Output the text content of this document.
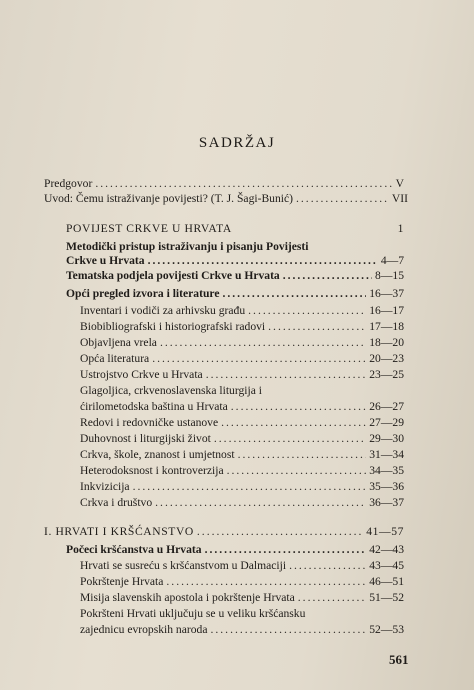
SADRŽAJ
Predgovor .....	V
Uvod: Čemu istraživanje povijesti? (T. J. Šagi-Bunić) .....	VII
POVIJEST CRKVE U HRVATA	1
Metodički pristup istraživanju i pisanju Povijesti
Crkve u Hrvata .....	4—7
Tematska podjela povijesti Crkve u Hrvata .....	8—15
Opći pregled izvora i literature .....	16—37
Inventari i vodiči za arhivsku građu .....	16—17
Biobibliografski i historiografski radovi .....	17—18
Objavljena vrela .....	18—20
Opća literatura .....	20—23
Ustrojstvo Crkve u Hrvata .....	23—25
Glagoljica, crkvenoslavenska liturgija i
ćirilometodska baština u Hrvata .....	26—27
Redovi i redovničke ustanove .....	27—29
Duhovnost i liturgijski život .....	29—30
Crkva, škole, znanost i umjetnost .....	31—34
Heterodoksnost i kontroverzija .....	34—35
Inkvizicija .....	35—36
Crkva i društvo .....	36—37
I. HRVATI I KRŠĆANSTVO .....	41—57
Počeci kršćanstva u Hrvata .....	42—43
Hrvati se susreću s kršćanstvom u Dalmaciji .....	43—45
Pokrštenje Hrvata .....	46—51
Misija slavenskih apostola i pokrštenje Hrvata .....	51—52
Pokršteni Hrvati uključuju se u veliku kršćansku
zajednicu evropskih naroda .....	52—53
561
